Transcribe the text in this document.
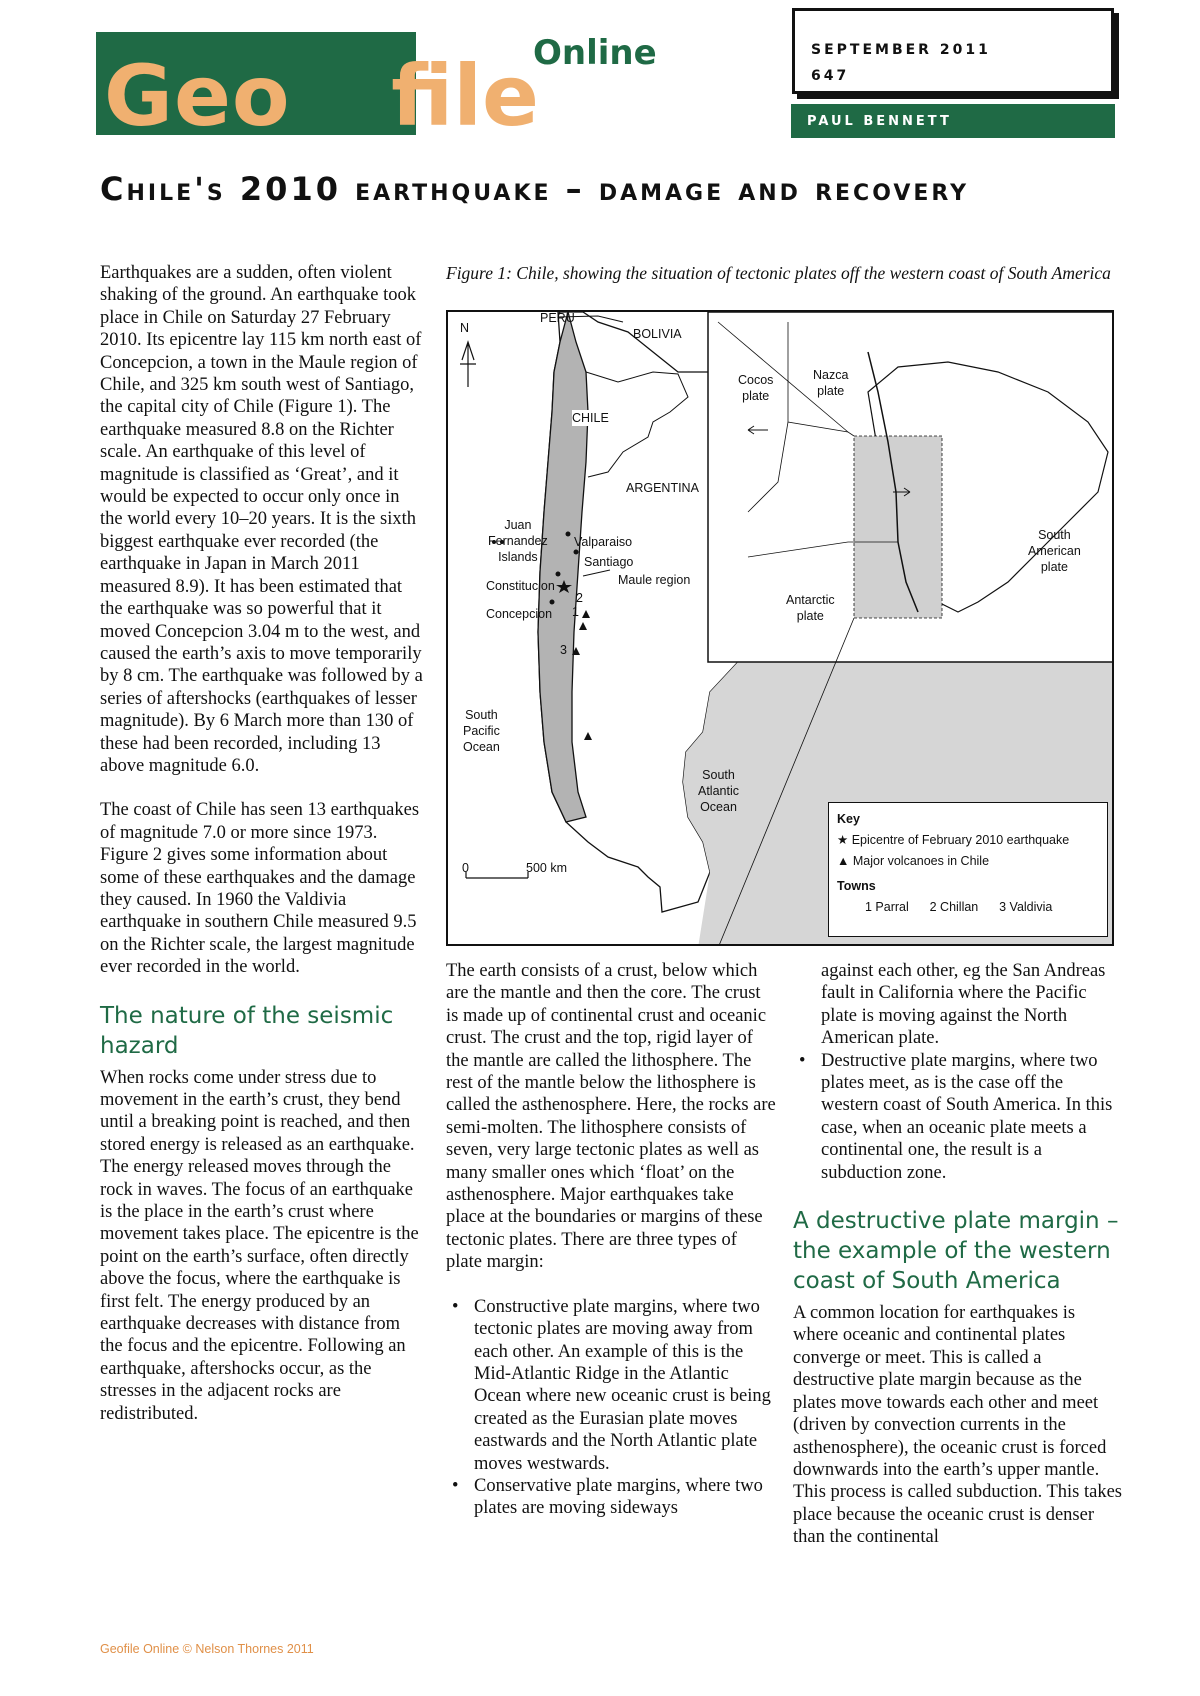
Geo file
Online	SEPTEMBER 2011
647
PAUL BENNETT
Chile's 2010 earthquake – damage and recovery

Earthquakes are a sudden, often violent shaking of the ground. An earthquake took place in Chile on Saturday 27 February 2010. Its epicentre lay 115 km north east of Concepcion, a town in the Maule region of Chile, and 325 km south west of Santiago, the capital city of Chile (Figure 1). The earthquake measured 8.8 on the Richter scale. An earthquake of this level of magnitude is classified as ‘Great’, and it would be expected to occur only once in the world every 10–20 years. It is the sixth biggest earthquake ever recorded (the earthquake in Japan in March 2011 measured 8.9). It has been estimated that the earthquake was so powerful that it moved Concepcion 3.04 m to the west, and caused the earth’s axis to move temporarily by 8 cm. The earthquake was followed by a series of aftershocks (earthquakes of lesser magnitude). By 6 March more than 130 of these had been recorded, including 13 above magnitude 6.0.

The coast of Chile has seen 13 earthquakes of magnitude 7.0 or more since 1973. Figure 2 gives some information about some of these earthquakes and the damage they caused. In 1960 the Valdivia earthquake in southern Chile measured 9.5 on the Richter scale, the largest magnitude ever recorded in the world.

The nature of the seismic hazard

When rocks come under stress due to movement in the earth’s crust, they bend until a breaking point is reached, and then stored energy is released as an earthquake. The energy released moves through the rock in waves. The focus of an earthquake is the place in the earth’s crust where movement takes place. The epicentre is the point on the earth’s surface, often directly above the focus, where the earthquake is first felt. The energy produced by an earthquake decreases with distance from the focus and the epicentre. Following an earthquake, aftershocks occur, as the stresses in the adjacent rocks are redistributed.

Figure 1: Chile, showing the situation of tectonic plates off the western coast of South America
N
PERU
BOLIVIA
CHILE
ARGENTINA
Juan
Fernandez
Islands
Valparaiso
Santiago
Maule region
Constitucion
Concepcion 1
2
3
South
Pacific
Ocean
South
Atlantic
Ocean
Cocos
plate
Nazca
plate
South
American
plate
Antarctic
plate
0	500 km
Key
★ Epicentre of February 2010 earthquake
▲ Major volcanoes in Chile
Towns
1 Parral 2 Chillan 3 Valdivia

The earth consists of a crust, below which are the mantle and then the core. The crust is made up of continental crust and oceanic crust. The crust and the top, rigid layer of the mantle are called the lithosphere. The rest of the mantle below the lithosphere is called the asthenosphere. Here, the rocks are semi-molten. The lithosphere consists of seven, very large tectonic plates as well as many smaller ones which ‘float’ on the asthenosphere. Major earthquakes take place at the boundaries or margins of these tectonic plates. There are three types of plate margin:

• Constructive plate margins, where two tectonic plates are moving away from each other. An example of this is the Mid-Atlantic Ridge in the Atlantic Ocean where new oceanic crust is being created as the Eurasian plate moves eastwards and the North Atlantic plate moves westwards.
• Conservative plate margins, where two plates are moving sideways

against each other, eg the San Andreas fault in California where the Pacific plate is moving against the North American plate.

• Destructive plate margins, where two plates meet, as is the case off the western coast of South America. In this case, when an oceanic plate meets a continental one, the result is a subduction zone.
A destructive plate margin – the example of the western coast of South America

A common location for earthquakes is where oceanic and continental plates converge or meet. This is called a destructive plate margin because as the plates move towards each other and meet (driven by convection currents in the asthenosphere), the oceanic crust is forced downwards into the earth’s upper mantle. This process is called subduction. This takes place because the oceanic crust is denser than the continental

Geofile Online © Nelson Thornes 2011
